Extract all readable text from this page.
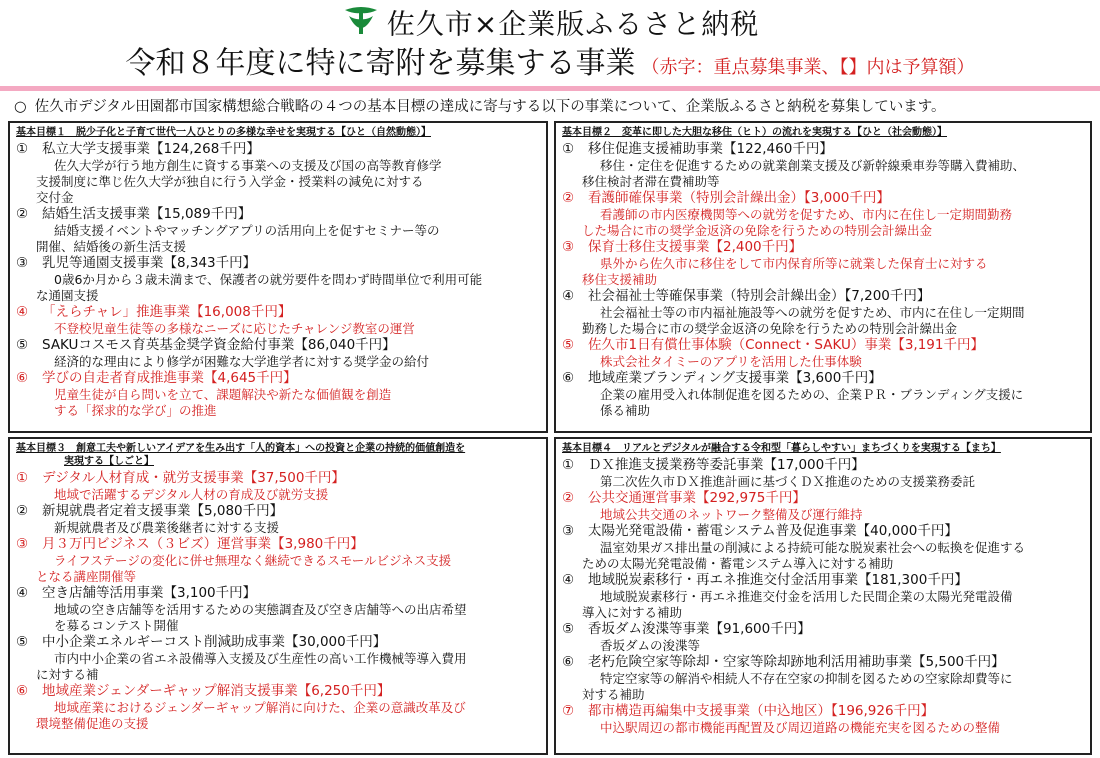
佐久市×企業版ふるさと納税
令和８年度に特に寄附を募集する事業 （赤字：重点募集事業、【】内は予算額）
○ 佐久市デジタル田園都市国家構想総合戦略の４つの基本目標の達成に寄与する以下の事業について、企業版ふるさと納税を募集しています。
基本目標１　脱少子化と子育て世代一人ひとりの多様な幸せを実現する【ひと（自然動態）】
① 私立大学支援事業【124,268千円】
佐久大学が行う地方創生に資する事業への支援及び国の高等教育修学
支援制度に準じ佐久大学が独自に行う入学金・授業料の減免に対する
交付金
② 結婚生活支援事業【15,089千円】
結婚支援イベントやマッチングアプリの活用向上を促すセミナー等の
開催、結婚後の新生活支援
③ 乳児等通園支援事業【8,343千円】
0歳6か月から３歳未満まで、保護者の就労要件を問わず時間単位で利用可能
な通園支援
④ 「えらチャレ」推進事業【16,008千円】
不登校児童生徒等の多様なニーズに応じたチャレンジ教室の運営
⑤ SAKUコスモス育英基金奨学資金給付事業【86,040千円】
経済的な理由により修学が困難な大学進学者に対する奨学金の給付
⑥ 学びの自走者育成推進事業【4,645千円】
児童生徒が自ら問いを立て、課題解決や新たな価値観を創造
する「探求的な学び」の推進
基本目標２　変革に即した大胆な移住（ヒト）の流れを実現する【ひと（社会動態）】
① 移住促進支援補助事業【122,460千円】
移住・定住を促進するための就業創業支援及び新幹線乗車券等購入費補助、
移住検討者滞在費補助等
② 看護師確保事業（特別会計繰出金）【3,000千円】
看護師の市内医療機関等への就労を促すため、市内に在住し一定期間勤務
した場合に市の奨学金返済の免除を行うための特別会計繰出金
③ 保育士移住支援事業【2,400千円】
県外から佐久市に移住をして市内保育所等に就業した保育士に対する
移住支援補助
④ 社会福祉士等確保事業（特別会計繰出金）【7,200千円】
社会福祉士等の市内福祉施設等への就労を促すため、市内に在住し一定期間
勤務した場合に市の奨学金返済の免除を行うための特別会計繰出金
⑤ 佐久市1日有償仕事体験（Connect・SAKU）事業【3,191千円】
株式会社タイミーのアプリを活用した仕事体験
⑥ 地域産業ブランディング支援事業【3,600千円】
企業の雇用受入れ体制促進を図るための、企業ＰＲ・ブランディング支援に
係る補助
基本目標３　創意工夫や新しいアイデアを生み出す「人的資本」への投資と企業の持続的価値創造を
実現する【しごと】
① デジタル人材育成・就労支援事業【37,500千円】
地域で活躍するデジタル人材の育成及び就労支援
② 新規就農者定着支援事業【5,080千円】
新規就農者及び農業後継者に対する支援
③ 月３万円ビジネス（３ビズ）運営事業【3,980千円】
ライフステージの変化に併せ無理なく継続できるスモールビジネス支援
となる講座開催等
④ 空き店舗等活用事業【3,100千円】
地域の空き店舗等を活用するための実態調査及び空き店舗等への出店希望
を募るコンテスト開催
⑤ 中小企業エネルギーコスト削減助成事業【30,000千円】
市内中小企業の省エネ設備導入支援及び生産性の高い工作機械等導入費用
に対する補
⑥ 地域産業ジェンダーギャップ解消支援事業【6,250千円】
地域産業におけるジェンダーギャップ解消に向けた、企業の意識改革及び
環境整備促進の支援
基本目標４　リアルとデジタルが融合する令和型「暮らしやすい」まちづくりを実現する【まち】
① ＤＸ推進支援業務等委託事業【17,000千円】
第二次佐久市ＤＸ推進計画に基づくＤＸ推進のための支援業務委託
② 公共交通運営事業【292,975千円】
地域公共交通のネットワーク整備及び運行維持
③ 太陽光発電設備・蓄電システム普及促進事業【40,000千円】
温室効果ガス排出量の削減による持続可能な脱炭素社会への転換を促進する
ための太陽光発電設備・蓄電システム導入に対する補助
④ 地域脱炭素移行・再エネ推進交付金活用事業【181,300千円】
地域脱炭素移行・再エネ推進交付金を活用した民間企業の太陽光発電設備
導入に対する補助
⑤ 香坂ダム浚渫等事業【91,600千円】
香坂ダムの浚渫等
⑥ 老朽危険空家等除却・空家等除却跡地利活用補助事業【5,500千円】
特定空家等の解消や相続人不存在空家の抑制を図るための空家除却費等に
対する補助
⑦ 都市構造再編集中支援事業（中込地区）【196,926千円】
中込駅周辺の都市機能再配置及び周辺道路の機能充実を図るための整備
